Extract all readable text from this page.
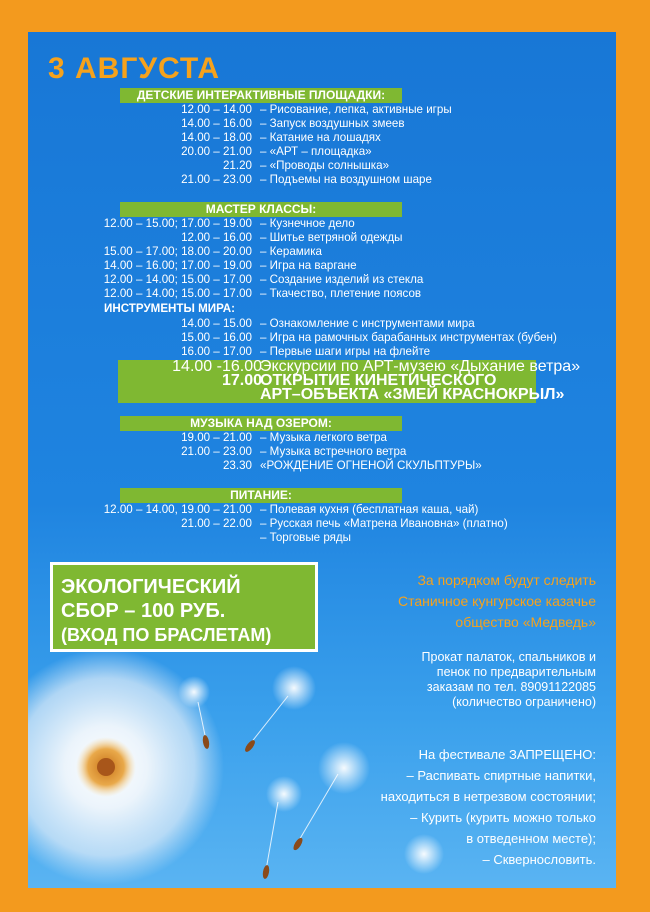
3 АВГУСТА
ДЕТСКИЕ ИНТЕРАКТИВНЫЕ ПЛОЩАДКИ:
12.00 – 14.00 – Рисование, лепка, активные игры
14.00 – 16.00 – Запуск воздушных змеев
14.00 – 18.00 – Катание на лошадях
20.00 – 21.00 – «АРТ – площадка»
21.20 – «Проводы солнышка»
21.00 – 23.00 – Подъемы на воздушном шаре
МАСТЕР КЛАССЫ:
12.00 – 15.00; 17.00 – 19.00 – Кузнечное дело
12.00 – 16.00 – Шитье ветряной одежды
15.00 – 17.00; 18.00 – 20.00 – Керамика
14.00 – 16.00; 17.00 – 19.00 – Игра на варгане
12.00 – 14.00; 15.00 – 17.00 – Создание изделий из стекла
12.00 – 14.00; 15.00 – 17.00 – Ткачество, плетение поясов
ИНСТРУМЕНТЫ МИРА:
14.00 – 15.00 – Ознакомление с инструментами мира
15.00 – 16.00 – Игра на рамочных барабанных инструментах (бубен)
16.00 – 17.00 – Первые шаги игры на флейте
14.00 -16.00
Экскурсии по АРТ-музею «Дыхание ветра»
17.00
ОТКРЫТИЕ КИНЕТИЧЕСКОГО
АРТ–ОБЪЕКТА «ЗМЕЙ КРАСНОКРЫЛ»
МУЗЫКА НАД ОЗЕРОМ:
19.00 – 21.00 – Музыка легкого ветра
21.00 – 23.00 – Музыка встречного ветра
23.30 «РОЖДЕНИЕ ОГНЕНОЙ СКУЛЬПТУРЫ»
ПИТАНИЕ:
12.00 – 14.00, 19.00 – 21.00 – Полевая кухня (бесплатная каша, чай)
21.00 – 22.00 – Русская печь «Матрена Ивановна» (платно)
– Торговые ряды
ЭКОЛОГИЧЕСКИЙ
СБОР – 100 РУБ.
(ВХОД ПО БРАСЛЕТАМ)
За порядком будут следить
Станичное кунгурское казачье
общество «Медведь»
Прокат палаток, спальников и
пенок по предварительным
заказам по тел. 89091122085
(количество ограничено)
На фестивале ЗАПРЕЩЕНО:
– Распивать спиртные напитки,
находиться в нетрезвом состоянии;
– Курить (курить можно только
в отведенном месте);
– Сквернословить.
